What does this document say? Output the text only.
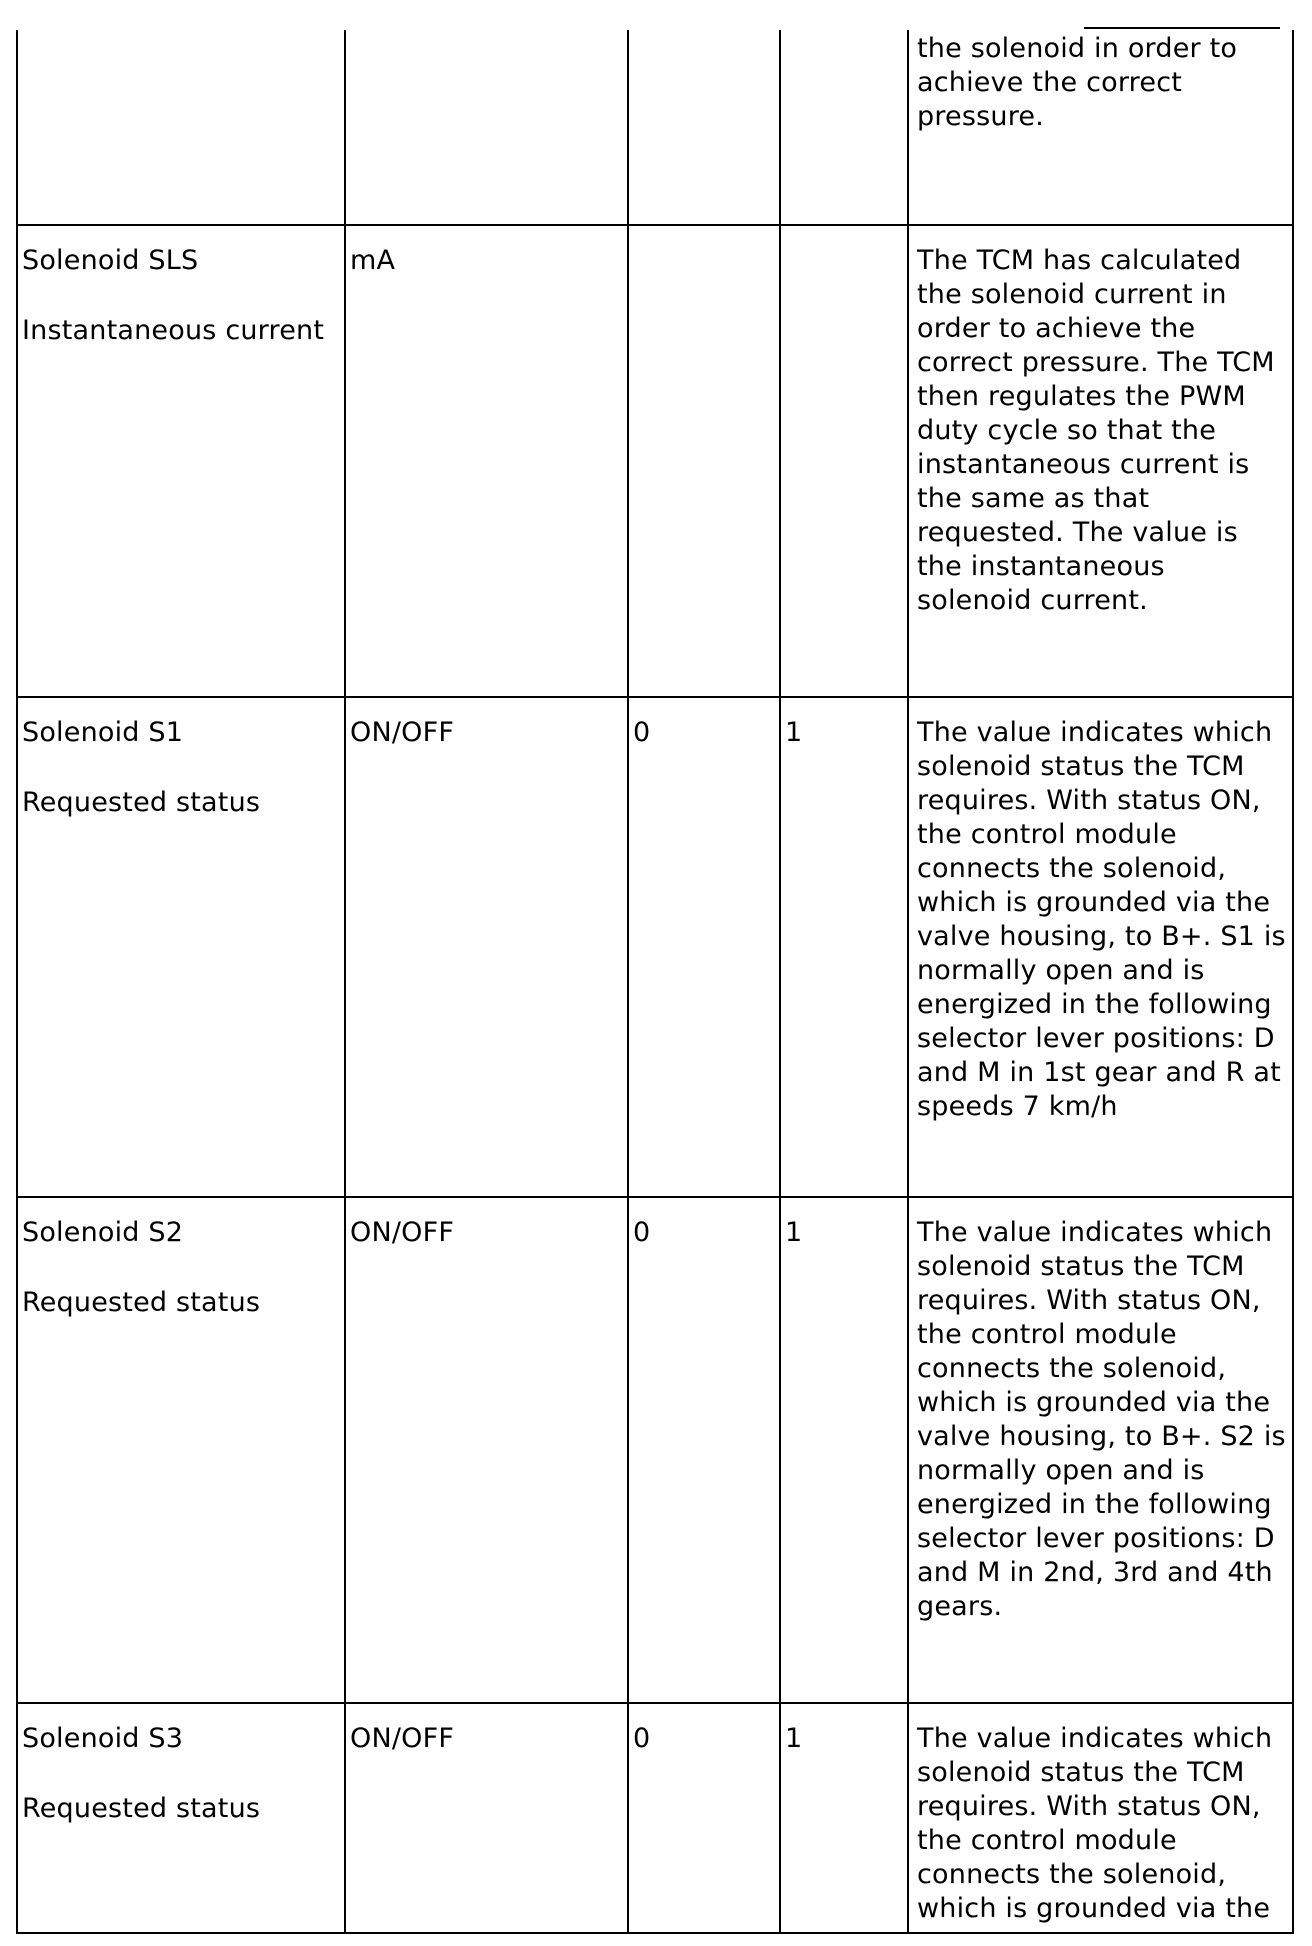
				the solenoid in order to achieve the correct pressure.

Solenoid SLS
Instantaneous current	mA			The TCM has calculated the solenoid current in order to achieve the correct pressure. The TCM then regulates the PWM duty cycle so that the instantaneous current is the same as that requested. The value is the instantaneous solenoid current.

Solenoid S1
Requested status	ON/OFF	0	1	The value indicates which solenoid status the TCM requires. With status ON, the control module connects the solenoid, which is grounded via the valve housing, to B+. S1 is normally open and is energized in the following selector lever positions: D and M in 1st gear and R at speeds 7 km/h

Solenoid S2
Requested status	ON/OFF	0	1	The value indicates which solenoid status the TCM requires. With status ON, the control module connects the solenoid, which is grounded via the valve housing, to B+. S2 is normally open and is energized in the following selector lever positions: D and M in 2nd, 3rd and 4th gears.

Solenoid S3
Requested status	ON/OFF	0	1	The value indicates which solenoid status the TCM requires. With status ON, the control module connects the solenoid, which is grounded via the
